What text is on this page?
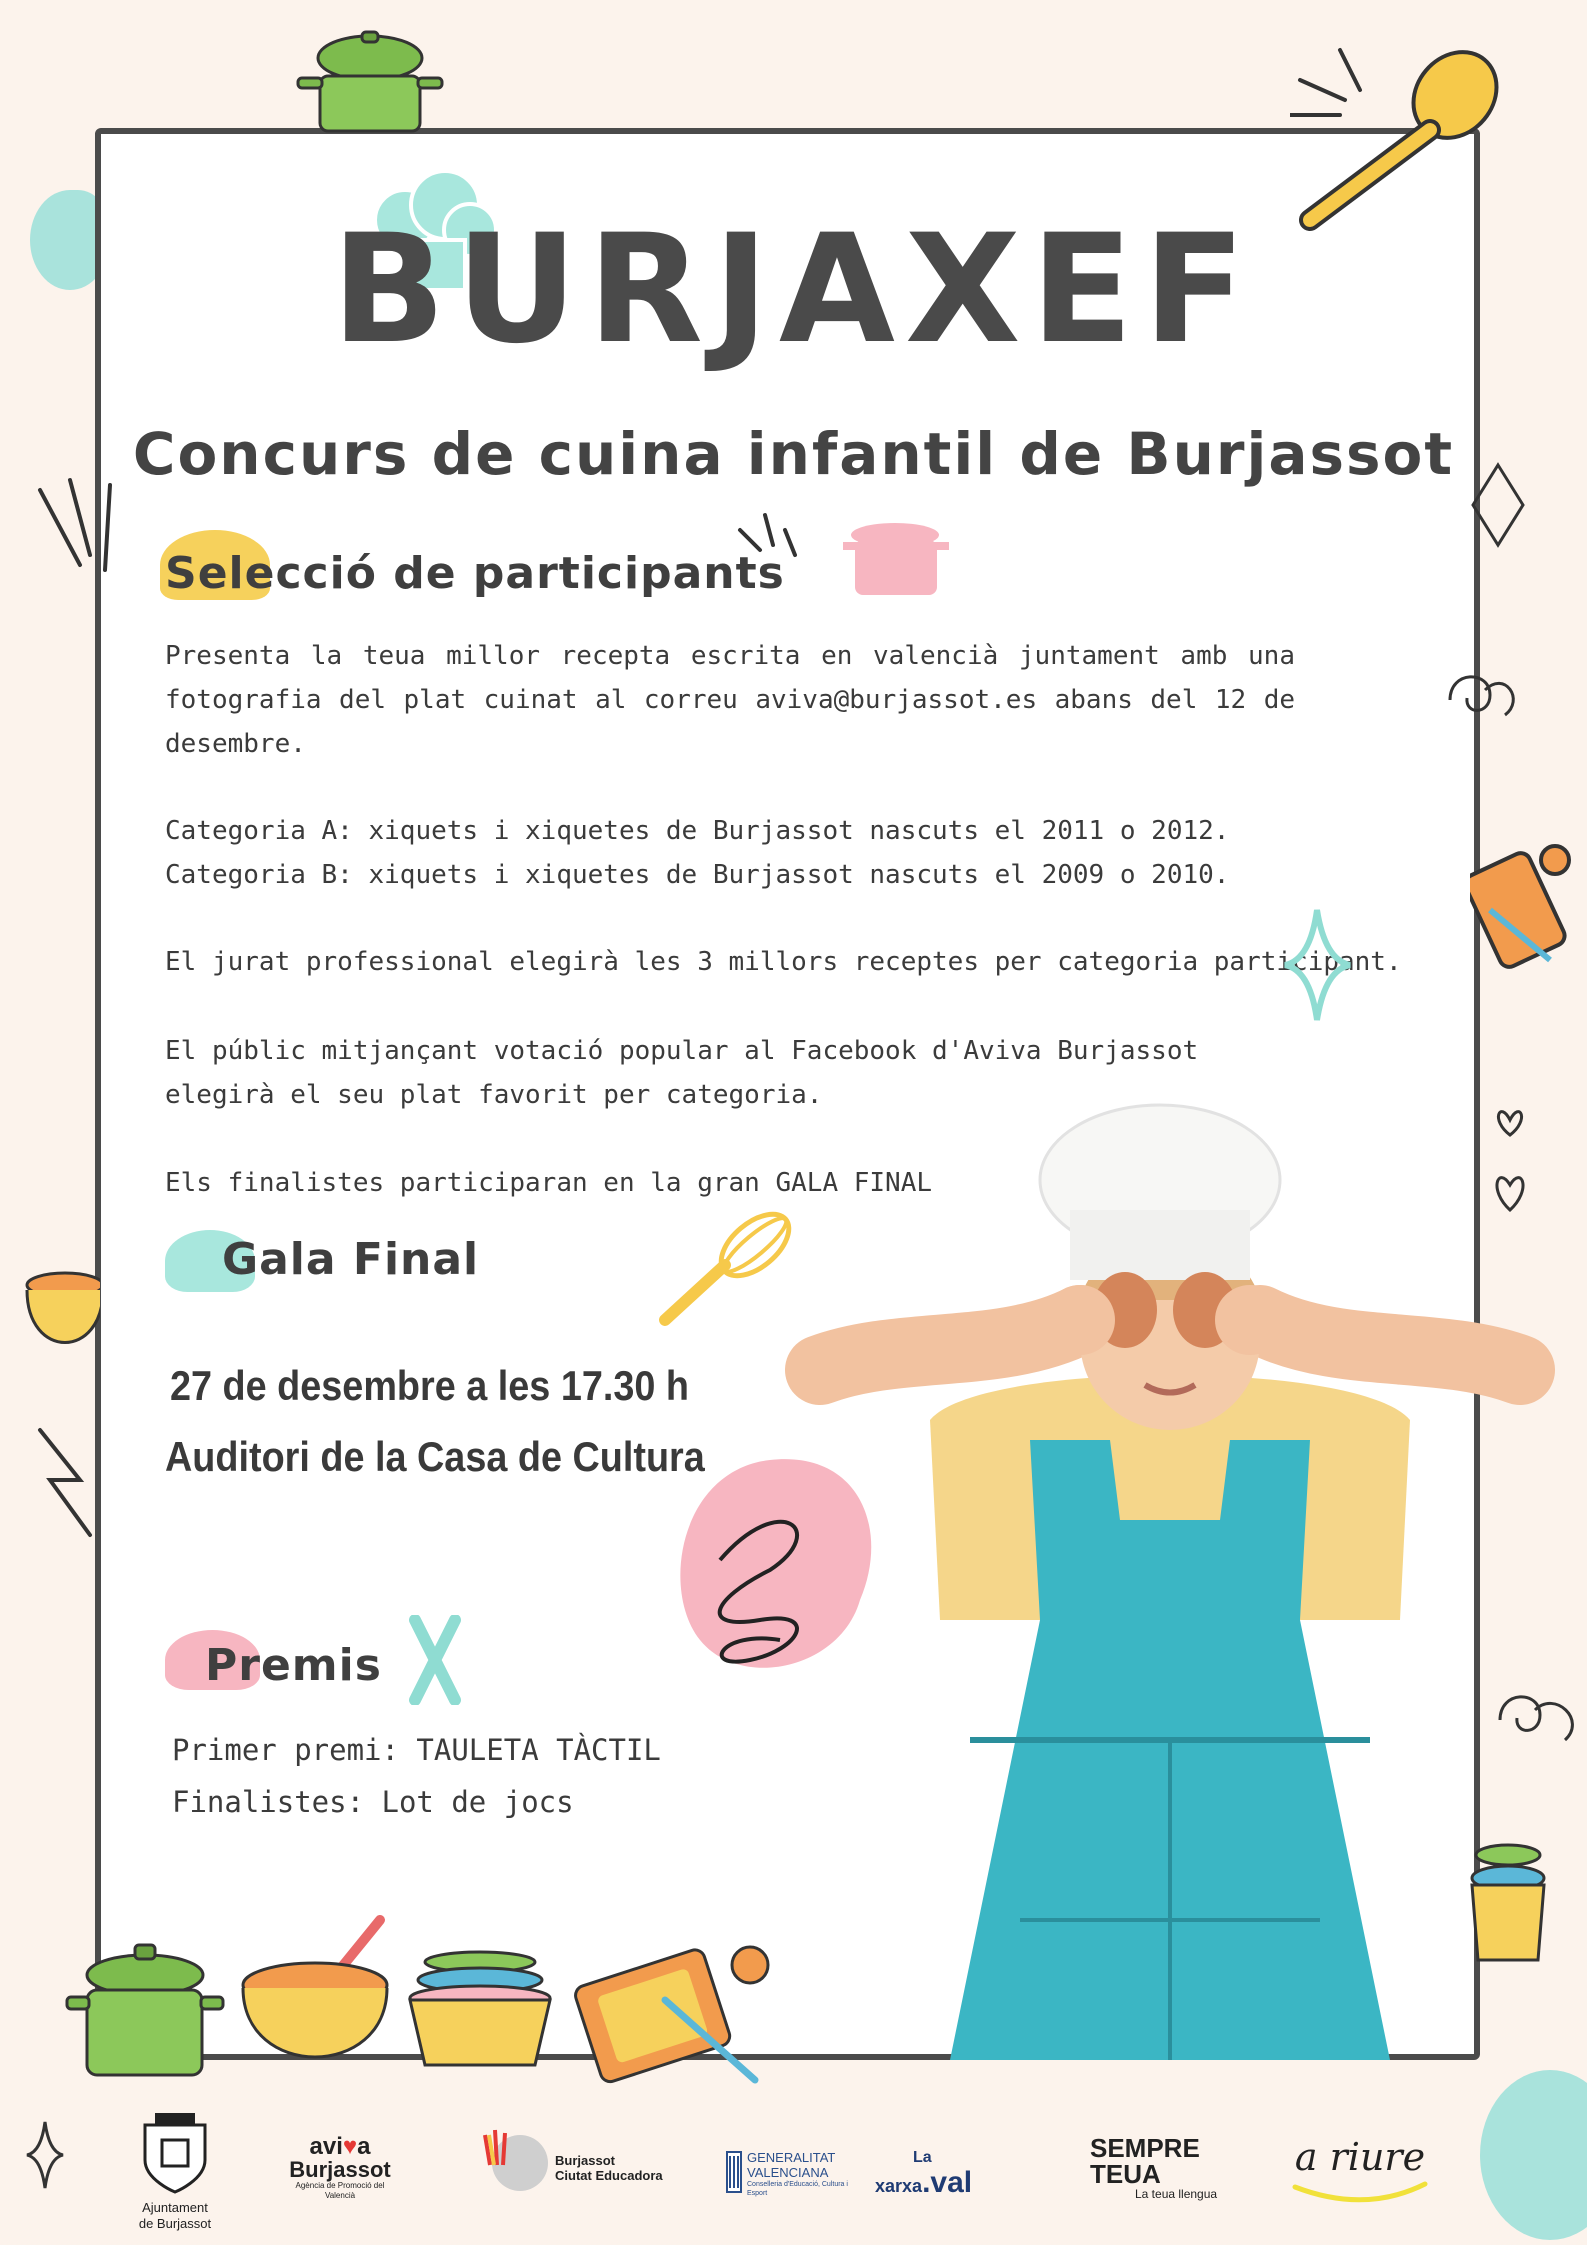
BURJAXEF
Concurs de cuina infantil de Burjassot
Selecció de participants
Presenta la teua millor recepta escrita en valencià juntament amb una fotografia del plat cuinat al correu aviva@burjassot.es abans del 12 de desembre.
Categoria A: xiquets i xiquetes de Burjassot nascuts el 2011 o 2012.
Categoria B: xiquets i xiquetes de Burjassot nascuts el 2009 o 2010.
El jurat professional elegirà les 3 millors receptes per categoria participant.
El públic mitjançant votació popular al Facebook d'Aviva Burjassot
elegirà el seu plat favorit per categoria.
Els finalistes participaran en la gran GALA FINAL
Gala Final
27 de desembre a les 17.30 h
Auditori de la Casa de Cultura
Premis
Primer premi: TAULETA TÀCTIL
Finalistes: Lot de jocs
Ajuntament
de Burjassot
avi♥a
Burjassot
Agència de Promoció del Valencià
Burjassot
Ciutat Educadora
GENERALITAT
VALENCIANA
Conselleria d'Educació, Cultura i Esport
La
xarxa.val
SEMPRE
TEUA
La teua llengua
a riure
